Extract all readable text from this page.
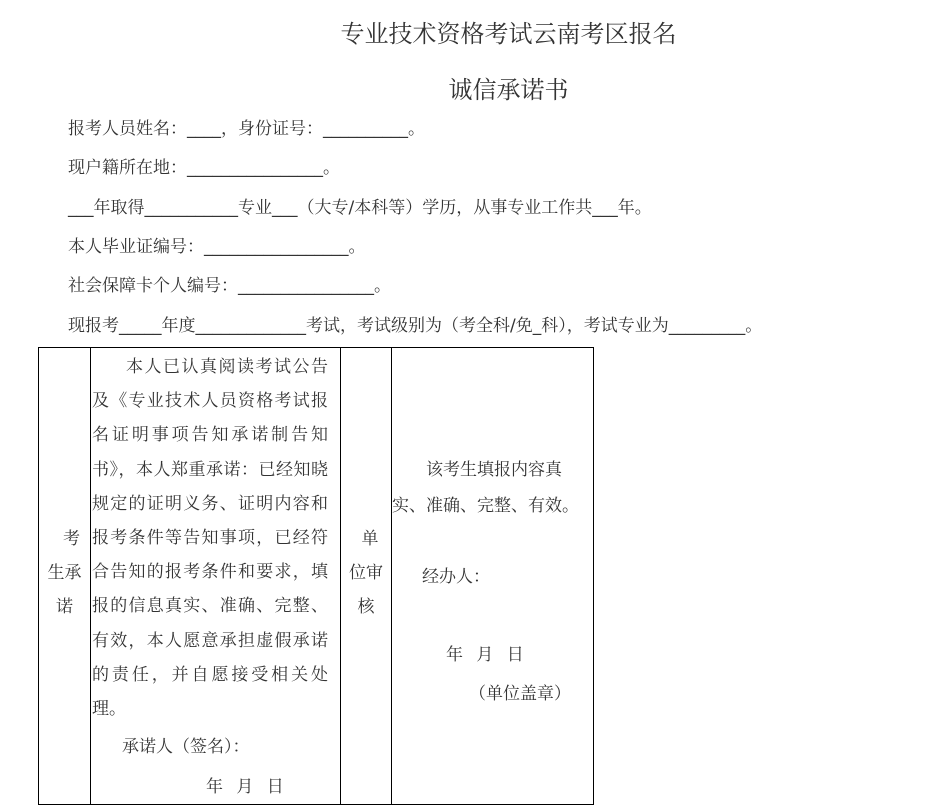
专业技术资格考试云南考区报名
诚信承诺书
报考人员姓名：____，身份证号：__________。
现户籍所在地：________________。
___年取得___________专业___（大专/本科等）学历，从事专业工作共___年。
本人毕业证编号：_________________。
社会保障卡个人编号：________________。
现报考_____年度_____________考试，考试级别为（考全科/免_科），考试专业为_________。
考
生承
诺
本人已认真阅读考试公告及《专业技术人员资格考试报名证明事项告知承诺制告知书》，本人郑重承诺：已经知晓规定的证明义务、证明内容和报考条件等告知事项，已经符合告知的报考条件和要求，填报的信息真实、准确、完整、有效，本人愿意承担虚假承诺的责任，并自愿接受相关处理。
承诺人（签名）：
年 月 日
单
位审
核
该考生填报内容真实、准确、完整、有效。
经办人：
年 月 日
（单位盖章）
